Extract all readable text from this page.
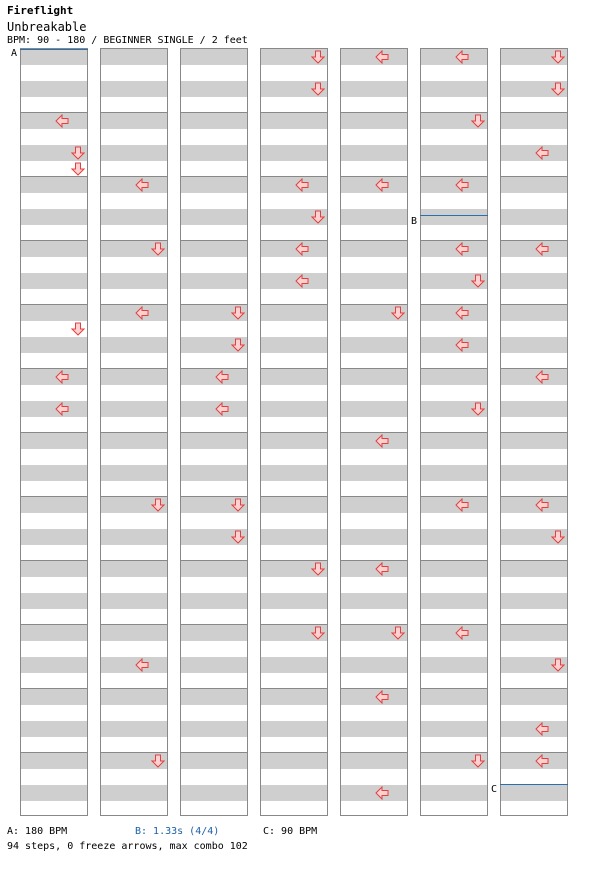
Fireflight
Unbreakable
BPM: 90 - 180 / BEGINNER SINGLE / 2 feet
A
B
C
A: 180 BPM	B: 1.33s (4/4)	C: 90 BPM
94 steps, 0 freeze arrows, max combo 102
